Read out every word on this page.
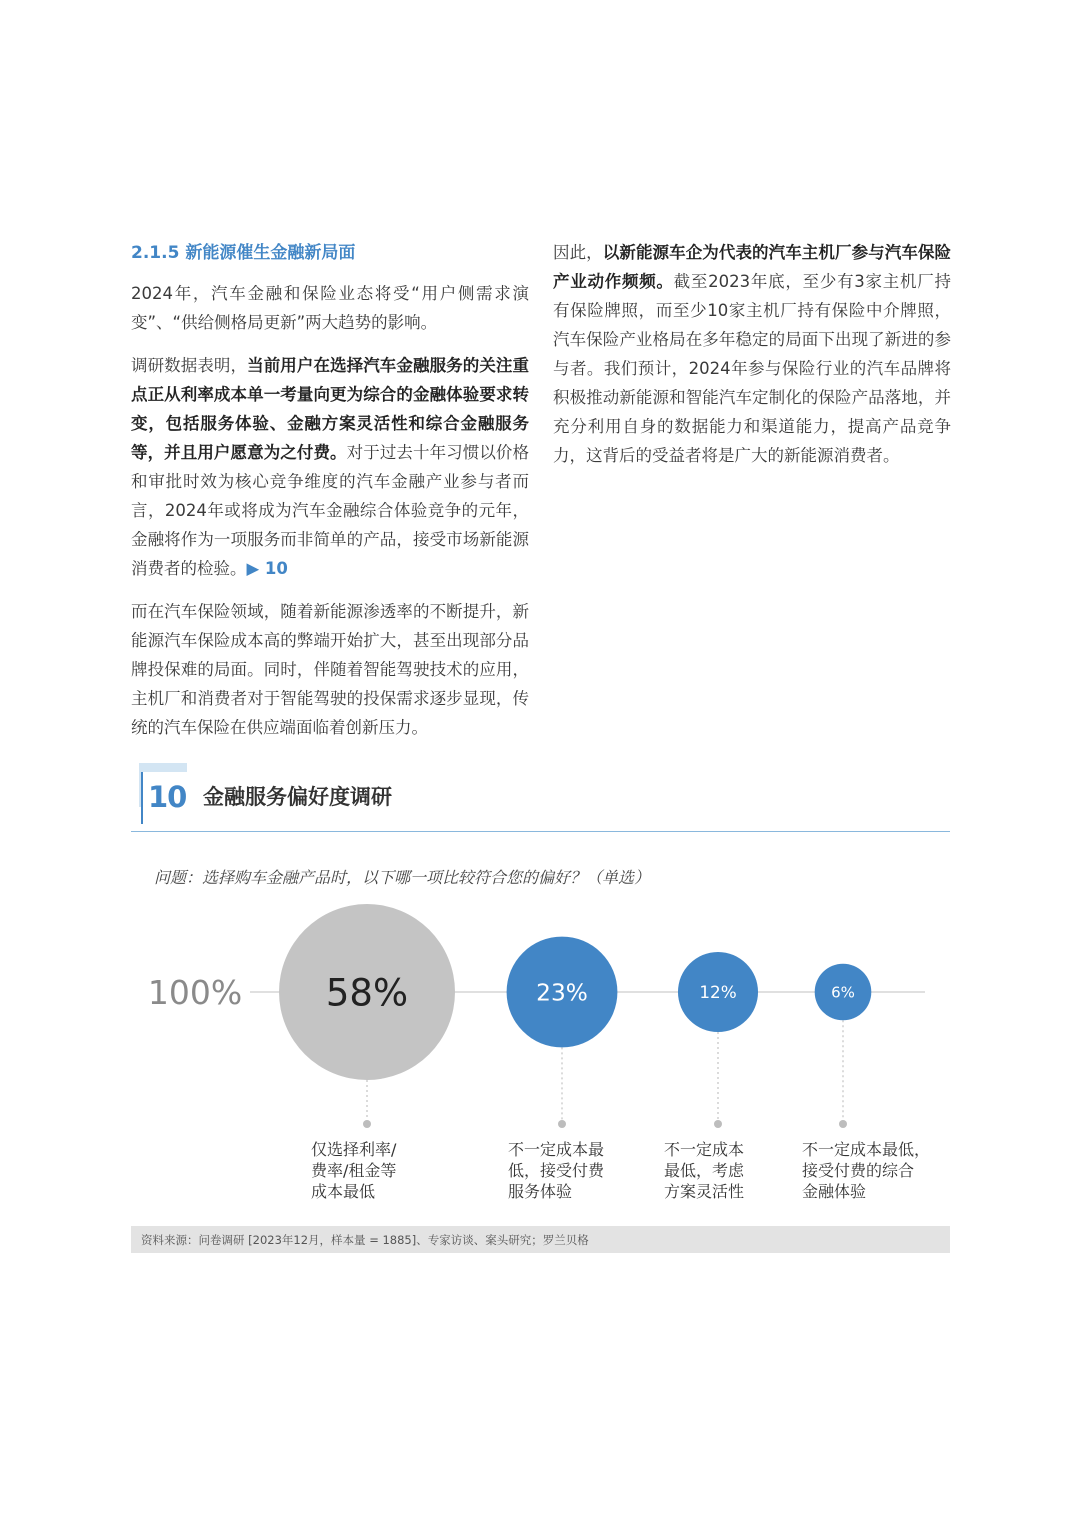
2.1.5 新能源催生金融新局面

2024年，汽车金融和保险业态将受“用户侧需求演变”、“供给侧格局更新”两大趋势的影响。

调研数据表明，当前用户在选择汽车金融服务的关注重点正从利率成本单一考量向更为综合的金融体验要求转变，包括服务体验、金融方案灵活性和综合金融服务等，并且用户愿意为之付费。对于过去十年习惯以价格和审批时效为核心竞争维度的汽车金融产业参与者而言，2024年或将成为汽车金融综合体验竞争的元年，金融将作为一项服务而非简单的产品，接受市场新能源消费者的检验。▶ 10

而在汽车保险领域，随着新能源渗透率的不断提升，新能源汽车保险成本高的弊端开始扩大，甚至出现部分品牌投保难的局面。同时，伴随着智能驾驶技术的应用，主机厂和消费者对于智能驾驶的投保需求逐步显现，传统的汽车保险在供应端面临着创新压力。

因此，以新能源车企为代表的汽车主机厂参与汽车保险产业动作频频。截至2023年底，至少有3家主机厂持有保险牌照，而至少10家主机厂持有保险中介牌照，汽车保险产业格局在多年稳定的局面下出现了新进的参与者。我们预计，2024年参与保险行业的汽车品牌将积极推动新能源和智能汽车定制化的保险产品落地，并充分利用自身的数据能力和渠道能力，提高产品竞争力，这背后的受益者将是广大的新能源消费者。

10 金融服务偏好度调研
问题：选择购车金融产品时，以下哪一项比较符合您的偏好？（单选）
100% 58%
仅选择利率/
费率/租金等
成本最低
23%
不一定成本最
低，接受付费
服务体验
12%
不一定成本
最低，考虑
方案灵活性
6%
不一定成本最低，
接受付费的综合
金融体验
资料来源：问卷调研 [2023年12月，样本量 = 1885]、专家访谈、案头研究；罗兰贝格
